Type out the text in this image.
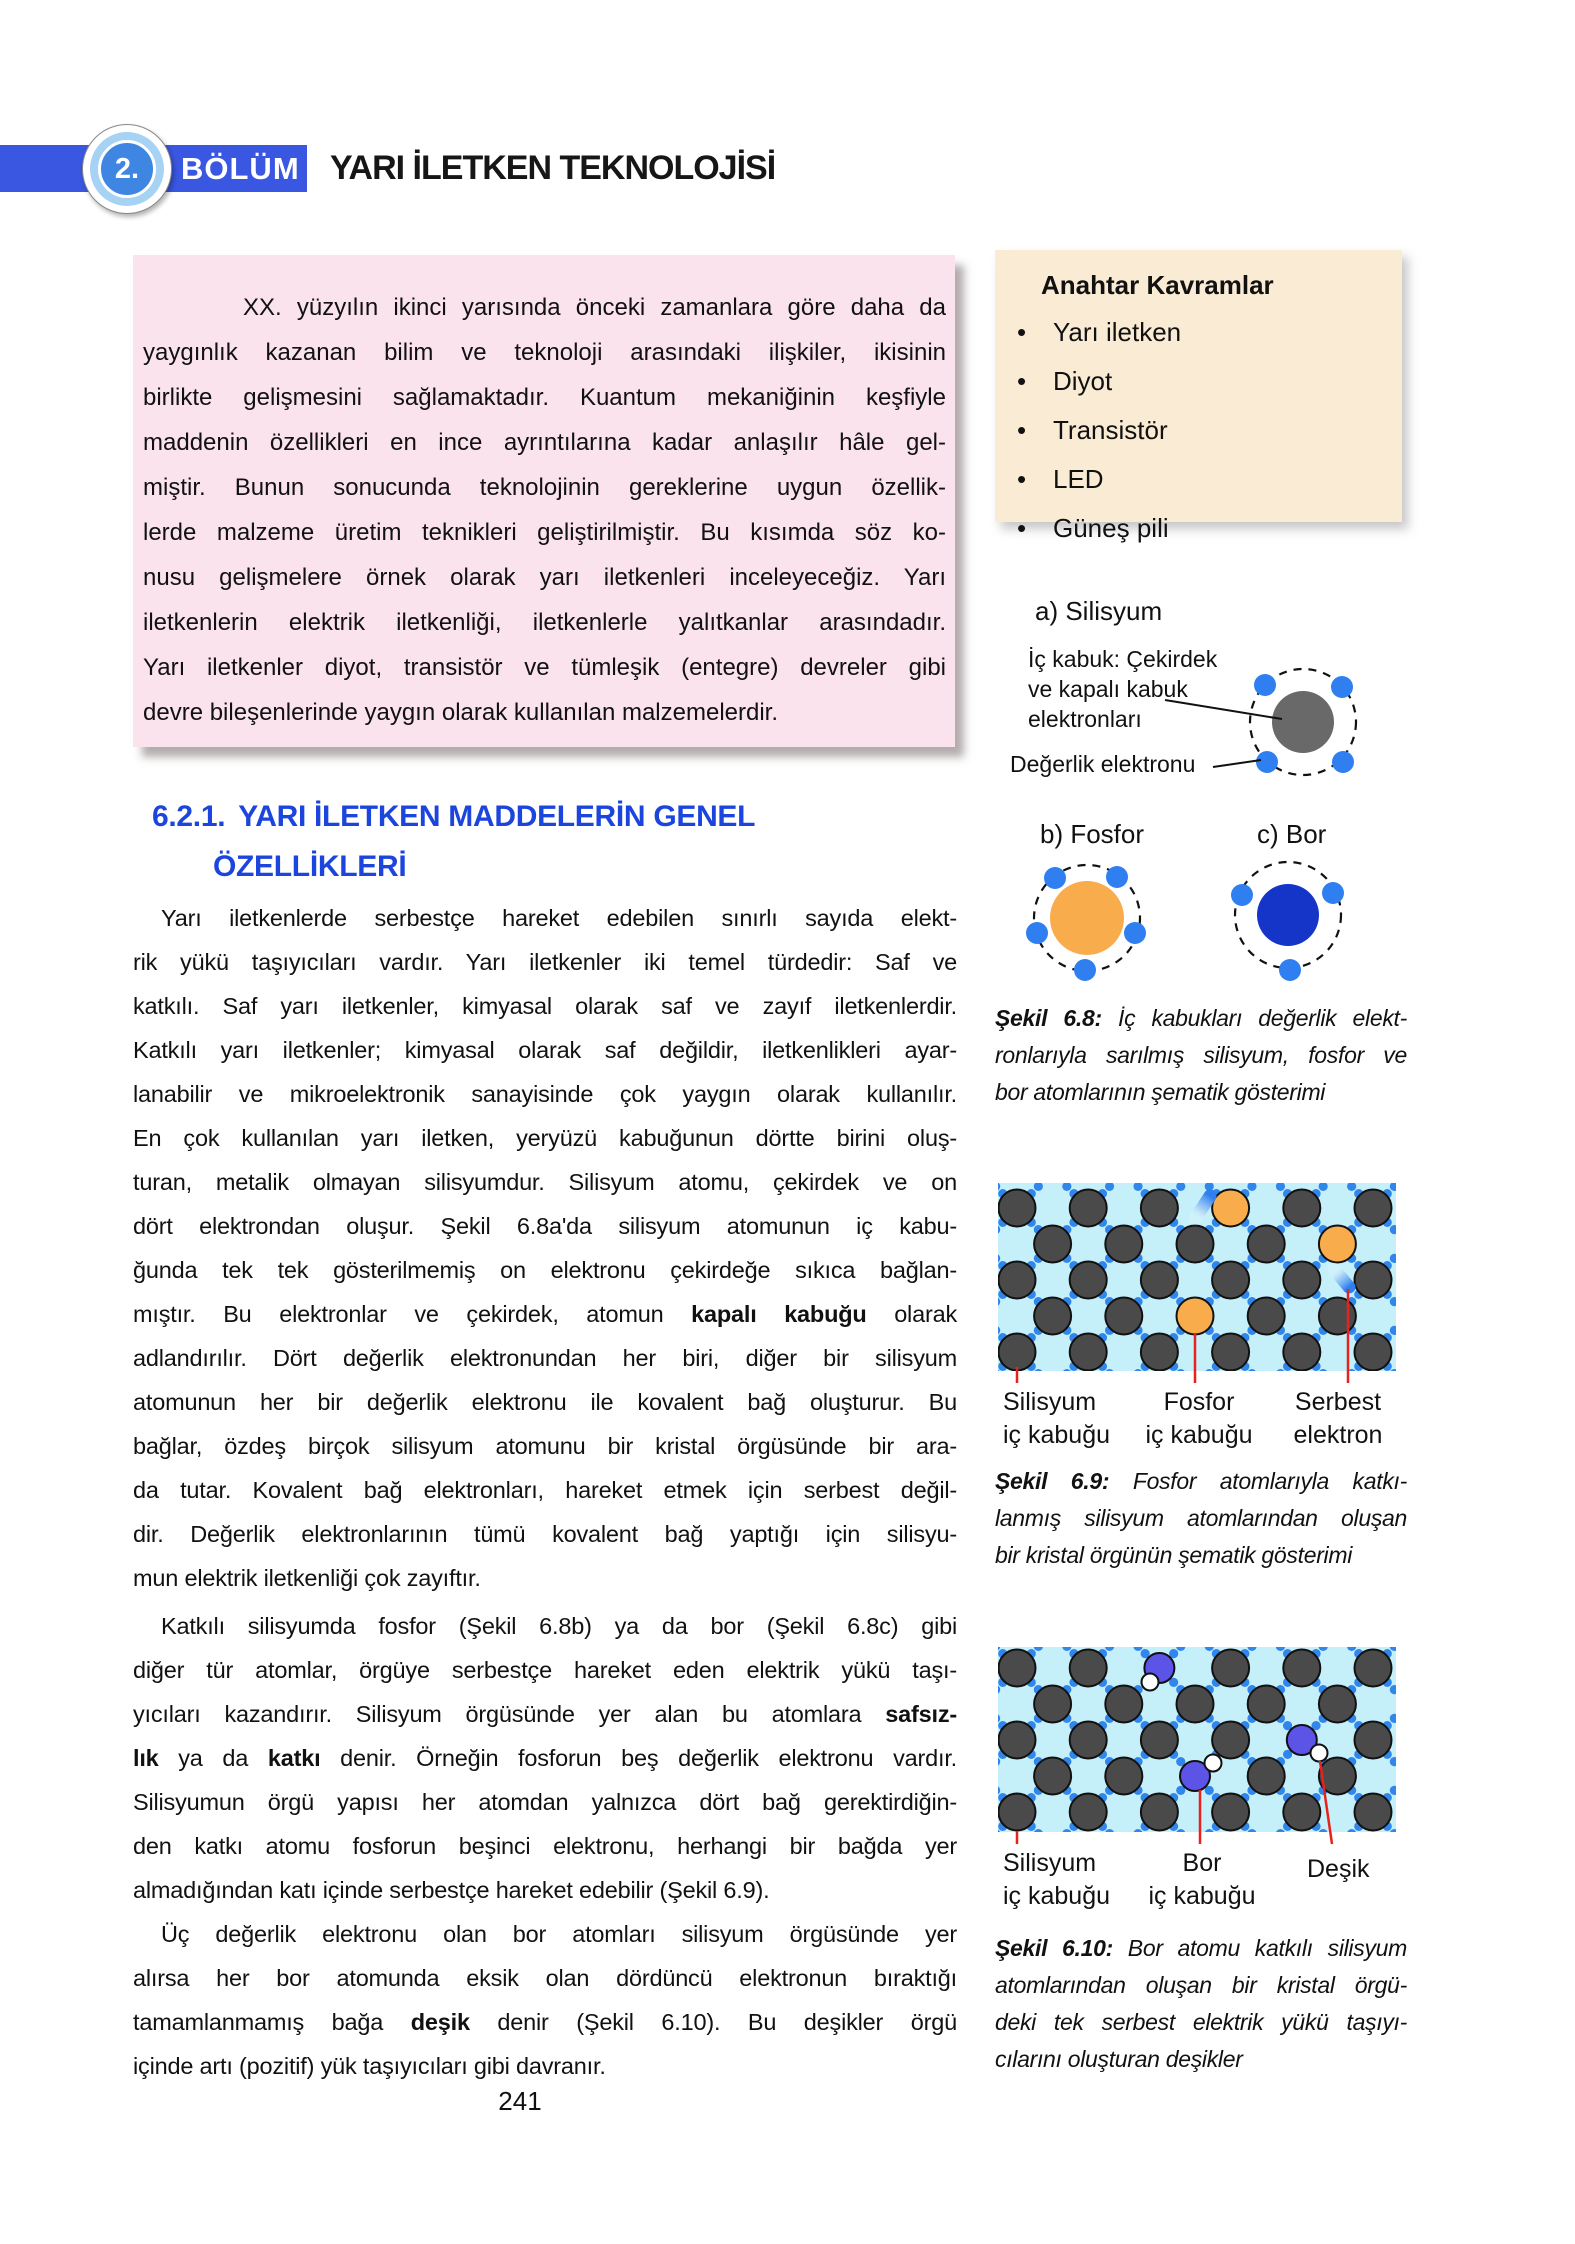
2.	BÖLÜM YARI İLETKEN TEKNOLOJİSİ
XX. yüzyılın ikinci yarısında önceki zamanlara göre daha da
yaygınlık kazanan bilim ve teknoloji arasındaki ilişkiler, ikisinin
birlikte gelişmesini sağlamaktadır. Kuantum mekaniğinin keşfiyle
maddenin özellikleri en ince ayrıntılarına kadar anlaşılır hâle gel-
miştir. Bunun sonucunda teknolojinin gereklerine uygun özellik-
lerde malzeme üretim teknikleri geliştirilmiştir. Bu kısımda söz ko-
nusu gelişmelere örnek olarak yarı iletkenleri inceleyeceğiz. Yarı
iletkenlerin elektrik iletkenliği, iletkenlerle yalıtkanlar arasındadır.
Yarı iletkenler diyot, transistör ve tümleşik (entegre) devreler gibi
devre bileşenlerinde yaygın olarak kullanılan malzemelerdir.
Anahtar Kavramlar
•	Yarı iletken
•	Diyot
•	Transistör
•	LED
•	Güneş pili
6.2.1. YARI İLETKEN MADDELERİN GENEL
ÖZELLİKLERİ
Yarı iletkenlerde serbestçe hareket edebilen sınırlı sayıda elekt-
rik yükü taşıyıcıları vardır. Yarı iletkenler iki temel türdedir: Saf ve
katkılı. Saf yarı iletkenler, kimyasal olarak saf ve zayıf iletkenlerdir.
Katkılı yarı iletkenler; kimyasal olarak saf değildir, iletkenlikleri ayar-
lanabilir ve mikroelektronik sanayisinde çok yaygın olarak kullanılır.
En çok kullanılan yarı iletken, yeryüzü kabuğunun dörtte birini oluş-
turan, metalik olmayan silisyumdur. Silisyum atomu, çekirdek ve on
dört elektrondan oluşur. Şekil 6.8a'da silisyum atomunun iç kabu-
ğunda tek tek gösterilmemiş on elektronu çekirdeğe sıkıca bağlan-
mıştır. Bu elektronlar ve çekirdek, atomun kapalı kabuğu olarak
adlandırılır. Dört değerlik elektronundan her biri, diğer bir silisyum
atomunun her bir değerlik elektronu ile kovalent bağ oluşturur. Bu
bağlar, özdeş birçok silisyum atomunu bir kristal örgüsünde bir ara-
da tutar. Kovalent bağ elektronları, hareket etmek için serbest değil-
dir. Değerlik elektronlarının tümü kovalent bağ yaptığı için silisyu-
mun elektrik iletkenliği çok zayıftır.
Katkılı silisyumda fosfor (Şekil 6.8b) ya da bor (Şekil 6.8c) gibi
diğer tür atomlar, örgüye serbestçe hareket eden elektrik yükü taşı-
yıcıları kazandırır. Silisyum örgüsünde yer alan bu atomlara safsız-
lık ya da katkı denir. Örneğin fosforun beş değerlik elektronu vardır.
Silisyumun örgü yapısı her atomdan yalnızca dört bağ gerektirdiğin-
den katkı atomu fosforun beşinci elektronu, herhangi bir bağda yer
almadığından katı içinde serbestçe hareket edebilir (Şekil 6.9).
Üç değerlik elektronu olan bor atomları silisyum örgüsünde yer
alırsa her bor atomunda eksik olan dördüncü elektronun bıraktığı
tamamlanmamış bağa deşik denir (Şekil 6.10). Bu deşikler örgü
içinde artı (pozitif) yük taşıyıcıları gibi davranır.
a) Silisyum
İç kabuk: Çekirdek
ve kapalı kabuk
elektronları
Değerlik elektronu
b) Fosfor	c) Bor
Şekil 6.8: İç kabukları değerlik elekt-
ronlarıyla sarılmış silisyum, fosfor ve
bor atomlarının şematik gösterimi
Silisyum
iç kabuğu
Fosfor
iç kabuğu
Serbest
elektron
Şekil 6.9: Fosfor atomlarıyla katkı-
lanmış silisyum atomlarından oluşan
bir kristal örgünün şematik gösterimi
Silisyum
iç kabuğu
Bor
iç kabuğu
Deşik
Şekil 6.10: Bor atomu katkılı silisyum
atomlarından oluşan bir kristal örgü-
deki tek serbest elektrik yükü taşıyı-
cılarını oluşturan deşikler
241
